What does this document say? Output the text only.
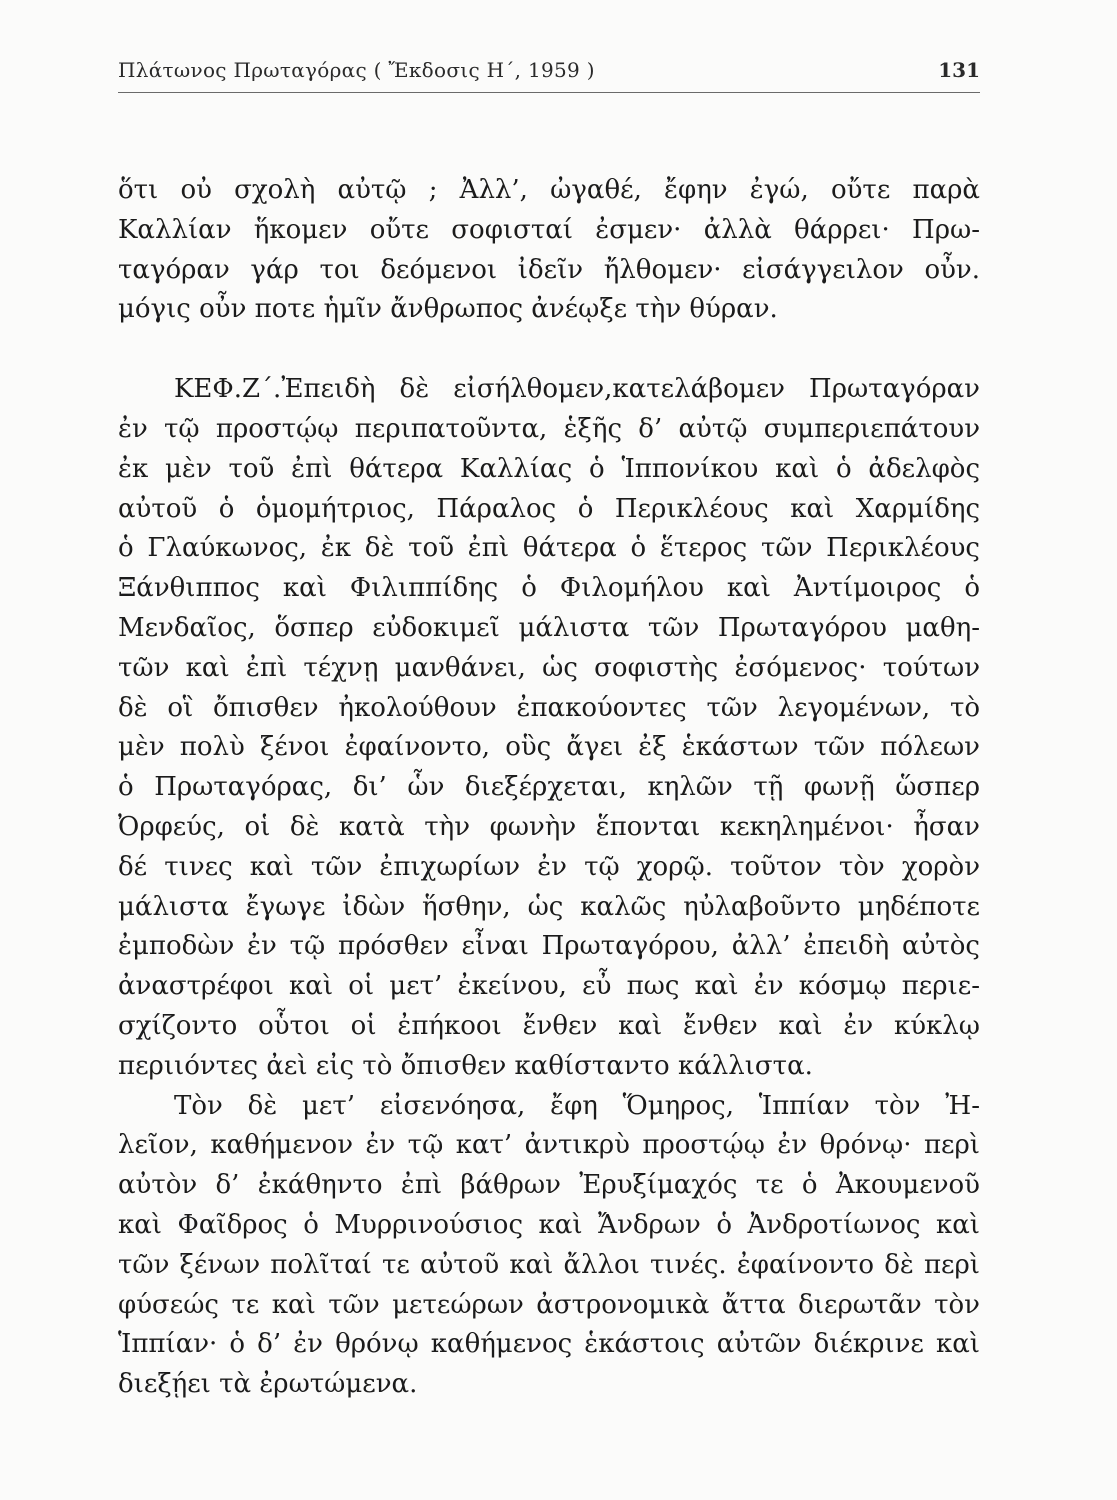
Πλάτωνος Πρωταγόρας ( Ἔκδοσις Η΄, 1959 )	131
ὅτι οὐ σχολὴ αὐτῷ ; Ἀλλ’, ὠγαθέ, ἔφην ἐγώ, οὔτε παρὰ
Καλλίαν ἥκομεν οὔτε σοφισταί ἐσμεν· ἀλλὰ θάρρει· Πρω-
ταγόραν γάρ τοι δεόμενοι ἰδεῖν ἤλθομεν· εἰσάγγειλον οὖν.
μόγις οὖν ποτε ἡμῖν ἄνθρωπος ἀνέῳξε τὴν θύραν.
ΚΕΦ.Ζ΄.Ἐπειδὴ δὲ εἰσήλθομεν,κατελάβομεν Πρωταγόραν
ἐν τῷ προστῴῳ περιπατοῦντα, ἑξῆς δ’ αὐτῷ συμπεριεπάτουν
ἐκ μὲν τοῦ ἐπὶ θάτερα Καλλίας ὁ Ἱππονίκου καὶ ὁ ἀδελφὸς
αὐτοῦ ὁ ὁμομήτριος, Πάραλος ὁ Περικλέους καὶ Χαρμίδης
ὁ Γλαύκωνος, ἐκ δὲ τοῦ ἐπὶ θάτερα ὁ ἕτερος τῶν Περικλέους
Ξάνθιππος καὶ Φιλιππίδης ὁ Φιλομήλου καὶ Ἀντίμοιρος ὁ
Μενδαῖος, ὅσπερ εὐδοκιμεῖ μάλιστα τῶν Πρωταγόρου μαθη-
τῶν καὶ ἐπὶ τέχνῃ μανθάνει, ὡς σοφιστὴς ἐσόμενος· τούτων
δὲ οἳ ὄπισθεν ἠκολούθουν ἐπακούοντες τῶν λεγομένων, τὸ
μὲν πολὺ ξένοι ἐφαίνοντο, οὓς ἄγει ἐξ ἑκάστων τῶν πόλεων
ὁ Πρωταγόρας, δι’ ὧν διεξέρχεται, κηλῶν τῇ φωνῇ ὥσπερ
Ὀρφεύς, οἱ δὲ κατὰ τὴν φωνὴν ἕπονται κεκηλημένοι· ἦσαν
δέ τινες καὶ τῶν ἐπιχωρίων ἐν τῷ χορῷ. τοῦτον τὸν χορὸν
μάλιστα ἔγωγε ἰδὼν ἥσθην, ὡς καλῶς ηὐλαβοῦντο μηδέποτε
ἐμποδὼν ἐν τῷ πρόσθεν εἶναι Πρωταγόρου, ἀλλ’ ἐπειδὴ αὐτὸς
ἀναστρέφοι καὶ οἱ μετ’ ἐκείνου, εὖ πως καὶ ἐν κόσμῳ περιε-
σχίζοντο οὗτοι οἱ ἐπήκοοι ἔνθεν καὶ ἔνθεν καὶ ἐν κύκλῳ
περιιόντες ἀεὶ εἰς τὸ ὄπισθεν καθίσταντο κάλλιστα.
Τὸν δὲ μετ’ εἰσενόησα, ἔφη Ὅμηρος, Ἱππίαν τὸν Ἠ-
λεῖον, καθήμενον ἐν τῷ κατ’ ἀντικρὺ προστῴῳ ἐν θρόνῳ· περὶ
αὐτὸν δ’ ἐκάθηντο ἐπὶ βάθρων Ἐρυξίμαχός τε ὁ Ἀκουμενοῦ
καὶ Φαῖδρος ὁ Μυρρινούσιος καὶ Ἄνδρων ὁ Ἀνδροτίωνος καὶ
τῶν ξένων πολῖταί τε αὐτοῦ καὶ ἄλλοι τινές. ἐφαίνοντο δὲ περὶ
φύσεώς τε καὶ τῶν μετεώρων ἀστρονομικὰ ἄττα διερωτᾶν τὸν
Ἱππίαν· ὁ δ’ ἐν θρόνῳ καθήμενος ἑκάστοις αὐτῶν διέκρινε καὶ
διεξῄει τὰ ἐρωτώμενα.
